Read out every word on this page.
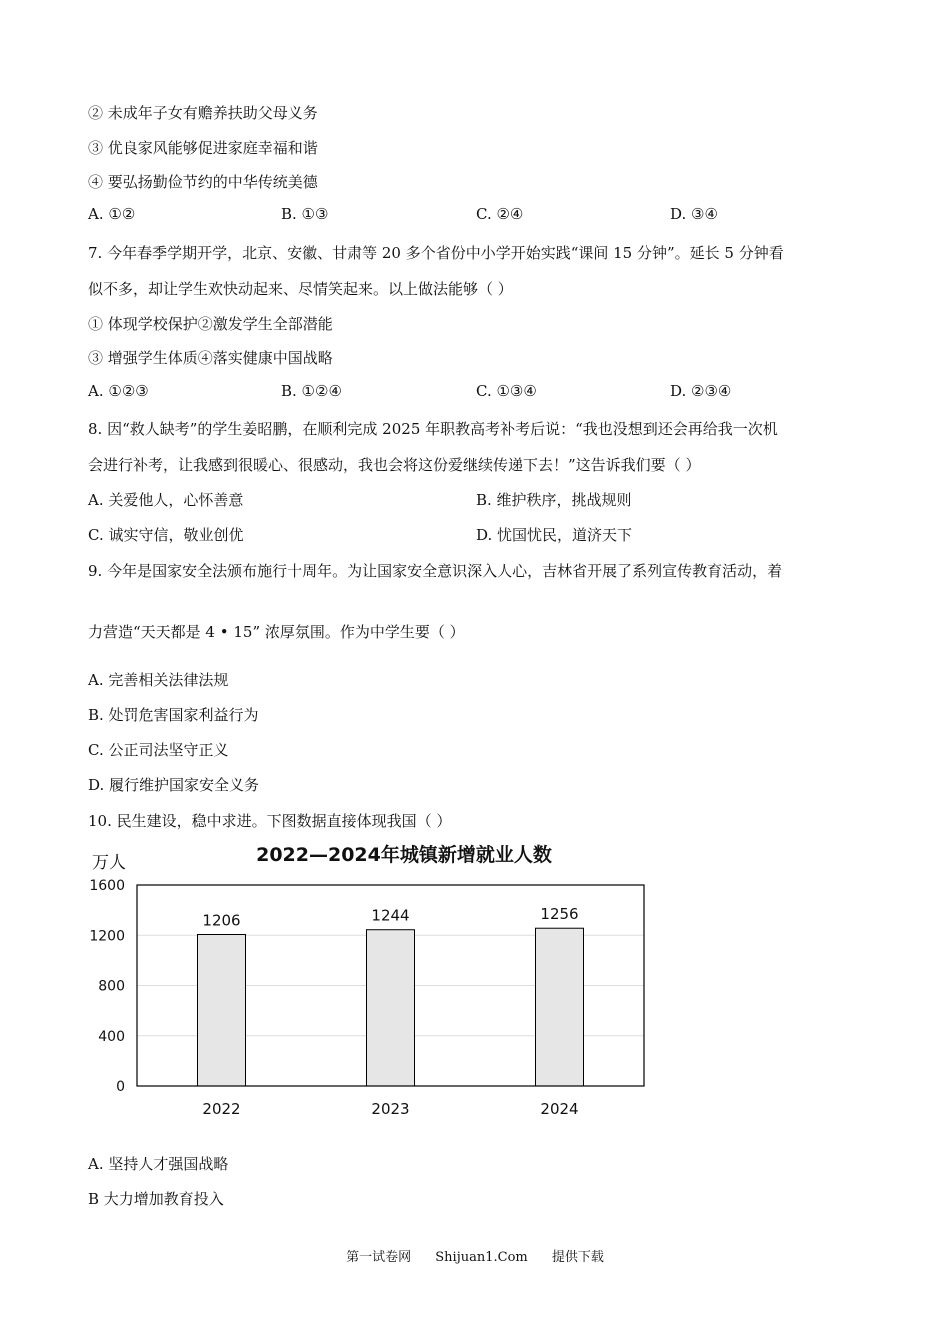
② 未成年子女有赡养扶助父母义务
③ 优良家风能够促进家庭幸福和谐
④ 要弘扬勤俭节约的中华传统美德
A. ①②	B. ①③	C. ②④	D. ③④
7. 今年春季学期开学，北京、安徽、甘肃等 20 多个省份中小学开始实践“课间 15 分钟”。延长 5 分钟看
似不多，却让学生欢快动起来、尽情笑起来。以上做法能够（ ）
① 体现学校保护②激发学生全部潜能
③ 增强学生体质④落实健康中国战略
A. ①②③	B. ①②④	C. ①③④	D. ②③④
8. 因“救人缺考”的学生姜昭鹏，在顺利完成 2025 年职教高考补考后说：“我也没想到还会再给我一次机
会进行补考，让我感到很暖心、很感动，我也会将这份爱继续传递下去！”这告诉我们要（ ）
A. 关爱他人，心怀善意	B. 维护秩序，挑战规则
C. 诚实守信，敬业创优	D. 忧国忧民，道济天下
9. 今年是国家安全法颁布施行十周年。为让国家安全意识深入人心，吉林省开展了系列宣传教育活动，着
力营造“天天都是 4 • 15” 浓厚氛围。作为中学生要（ ）
A. 完善相关法律法规
B. 处罚危害国家利益行为
C. 公正司法坚守正义
D. 履行维护国家安全义务
10. 民生建设，稳中求进。下图数据直接体现我国（ ）
2022—2024年城镇新增就业人数
万人
0
400
800
1200
1600
1206
2022
1244
2023
1256
2024
A. 坚持人才强国战略
B 大力增加教育投入
第一试卷网 Shijuan1.Com 提供下载
